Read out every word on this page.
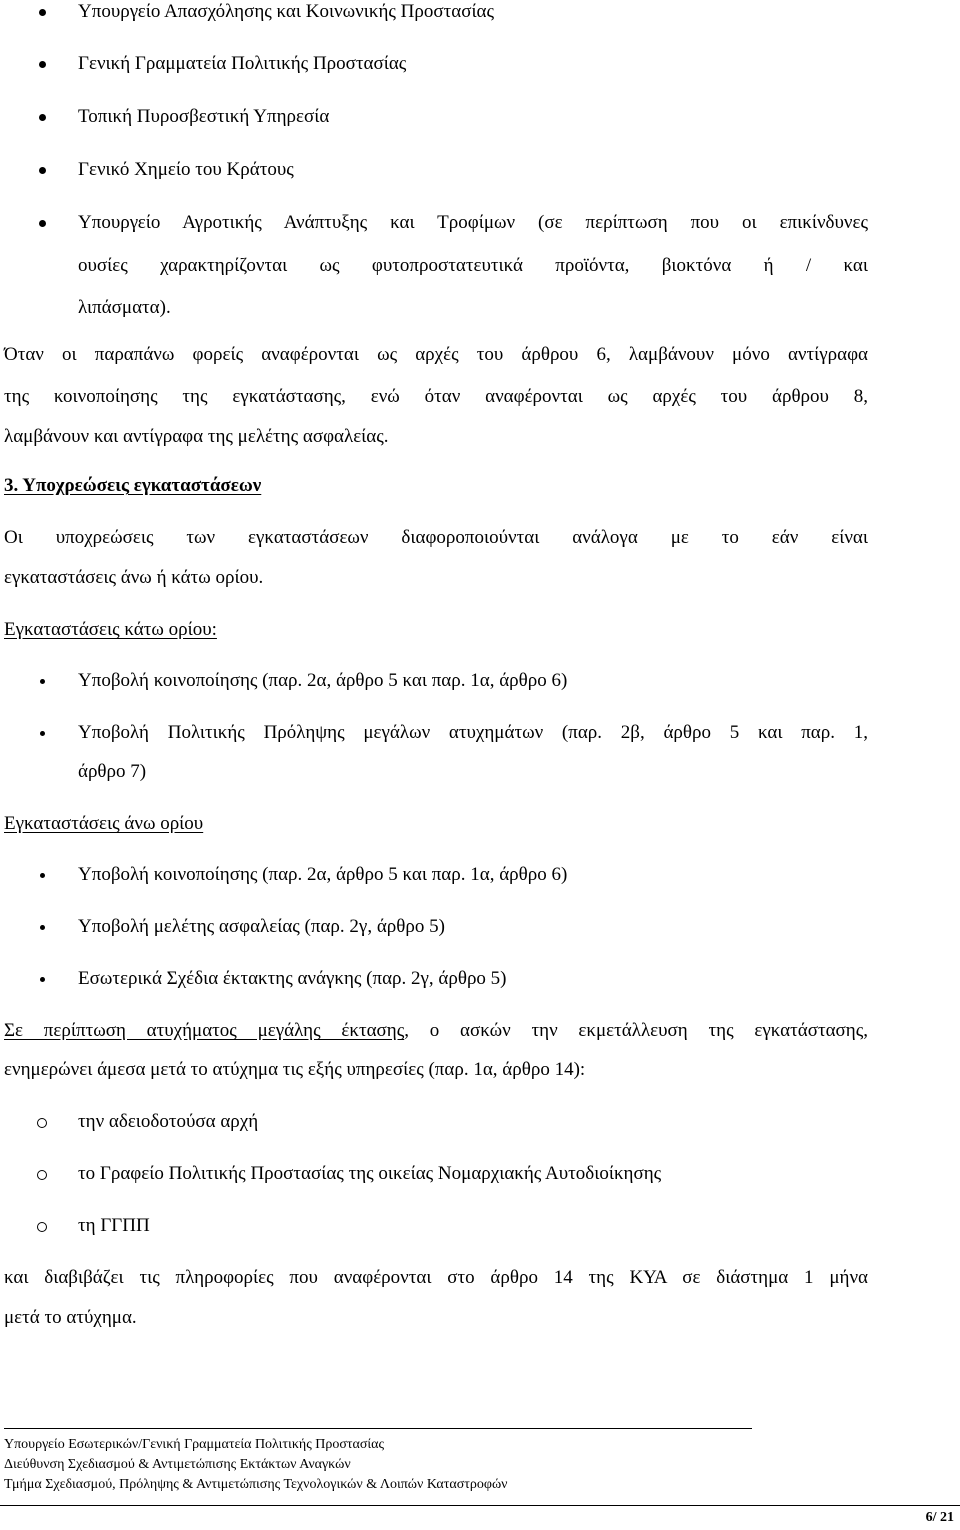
Υπουργείο Απασχόλησης και Κοινωνικής Προστασίας
Γενική Γραμματεία Πολιτικής Προστασίας
Τοπική Πυροσβεστική Υπηρεσία
Γενικό Χημείο του Κράτους
Υπουργείο Αγροτικής Ανάπτυξης και Τροφίμων (σε περίπτωση που οι επικίνδυνες
ουσίες χαρακτηρίζονται ως φυτοπροστατευτικά προϊόντα, βιοκτόνα ή / και
λιπάσματα).
Όταν οι παραπάνω φορείς αναφέρονται ως αρχές του άρθρου 6, λαμβάνουν μόνο αντίγραφα
της κοινοποίησης της εγκατάστασης, ενώ όταν αναφέρονται ως αρχές του άρθρου 8,
λαμβάνουν και αντίγραφα της μελέτης ασφαλείας.
3. Υποχρεώσεις εγκαταστάσεων
Οι υποχρεώσεις των εγκαταστάσεων διαφοροποιούνται ανάλογα με το εάν είναι
εγκαταστάσεις άνω ή κάτω ορίου.
Εγκαταστάσεις κάτω ορίου:
Υποβολή κοινοποίησης (παρ. 2α, άρθρο 5 και παρ. 1α, άρθρο 6)
Υποβολή Πολιτικής Πρόληψης μεγάλων ατυχημάτων (παρ. 2β, άρθρο 5 και παρ. 1,
άρθρο 7)
Εγκαταστάσεις άνω ορίου
Υποβολή κοινοποίησης (παρ. 2α, άρθρο 5 και παρ. 1α, άρθρο 6)
Υποβολή μελέτης ασφαλείας (παρ. 2γ, άρθρο 5)
Εσωτερικά Σχέδια έκτακτης ανάγκης (παρ. 2γ, άρθρο 5)
Σε περίπτωση ατυχήματος μεγάλης έκτασης, ο ασκών την εκμετάλλευση της εγκατάστασης,
ενημερώνει άμεσα μετά το ατύχημα τις εξής υπηρεσίες (παρ. 1α, άρθρο 14):
την αδειοδοτούσα αρχή
το Γραφείο Πολιτικής Προστασίας της οικείας Νομαρχιακής Αυτοδιοίκησης
τη ΓΓΠΠ
και διαβιβάζει τις πληροφορίες που αναφέρονται στο άρθρο 14 της ΚΥΑ σε διάστημα 1 μήνα
μετά το ατύχημα.
Υπουργείο Εσωτερικών/Γενική Γραμματεία Πολιτικής Προστασίας
Διεύθυνση Σχεδιασμού & Αντιμετώπισης Εκτάκτων Αναγκών
Τμήμα Σχεδιασμού, Πρόληψης & Αντιμετώπισης Τεχνολογικών & Λοιπών Καταστροφών
6/ 21
